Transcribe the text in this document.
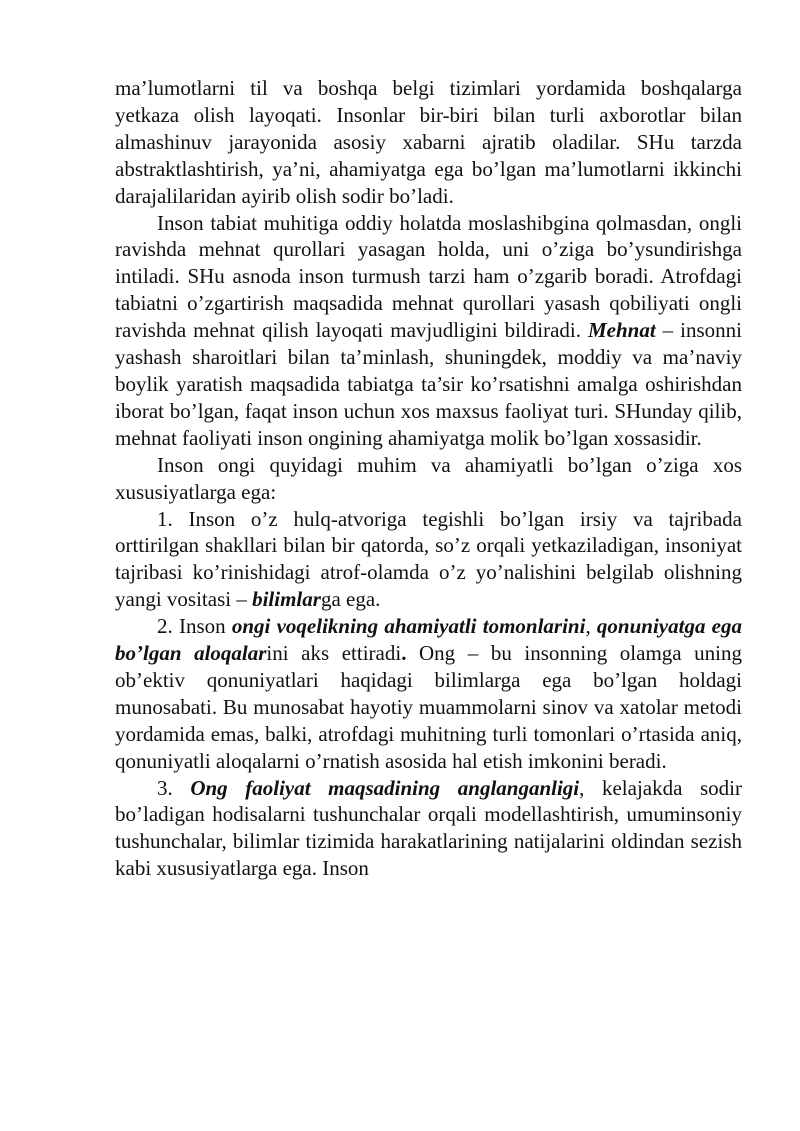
ma’lumotlarni til va boshqa belgi tizimlari yordamida boshqalarga yetkaza olish layoqati. Insonlar bir-biri bilan turli axborotlar bilan almashinuv jarayonida asosiy xabarni ajratib oladilar. SHu tarzda abstraktlashtirish, ya’ni, ahamiyatga ega bo’lgan ma’lumotlarni ikkinchi darajalilaridan ayirib olish sodir bo’ladi.

Inson tabiat muhitiga oddiy holatda moslashibgina qolmasdan, ongli ravishda mehnat qurollari yasagan holda, uni o’ziga bo’ysundirishga intiladi. SHu asnoda inson turmush tarzi ham o’zgarib boradi. Atrofdagi tabiatni o’zgartirish maqsadida mehnat qurollari yasash qobiliyati ongli ravishda mehnat qilish layoqati mavjudligini bildiradi. Mehnat – insonni yashash sharoitlari bilan ta’minlash, shuningdek, moddiy va ma’naviy boylik yaratish maqsadida tabiatga ta’sir ko’rsatishni amalga oshirishdan iborat bo’lgan, faqat inson uchun xos maxsus faoliyat turi. SHunday qilib, mehnat faoliyati inson ongining ahamiyatga molik bo’lgan xossasidir.

Inson ongi quyidagi muhim va ahamiyatli bo’lgan o’ziga xos xususiyatlarga ega:

1. Inson o’z hulq-atvoriga tegishli bo’lgan irsiy va tajribada orttirilgan shakllari bilan bir qatorda, so’z orqali yetkaziladigan, insoniyat tajribasi ko’rinishidagi atrof-olamda o’z yo’nalishini belgilab olishning yangi vositasi – bilimlarga ega.

2. Inson ongi voqelikning ahamiyatli tomonlarini, qonuniyatga ega bo’lgan aloqalarini aks ettiradi. Ong – bu insonning olamga uning ob’ektiv qonuniyatlari haqidagi bilimlarga ega bo’lgan holdagi munosabati. Bu munosabat hayotiy muammolarni sinov va xatolar metodi yordamida emas, balki, atrofdagi muhitning turli tomonlari o’rtasida aniq, qonuniyatli aloqalarni o’rnatish asosida hal etish imkonini beradi.

3. Ong faoliyat maqsadining anglanganligi, kelajakda sodir bo’ladigan hodisalarni tushunchalar orqali modellashtirish, umuminsoniy tushunchalar, bilimlar tizimida harakatlarining natijalarini oldindan sezish kabi xususiyatlarga ega. Inson
